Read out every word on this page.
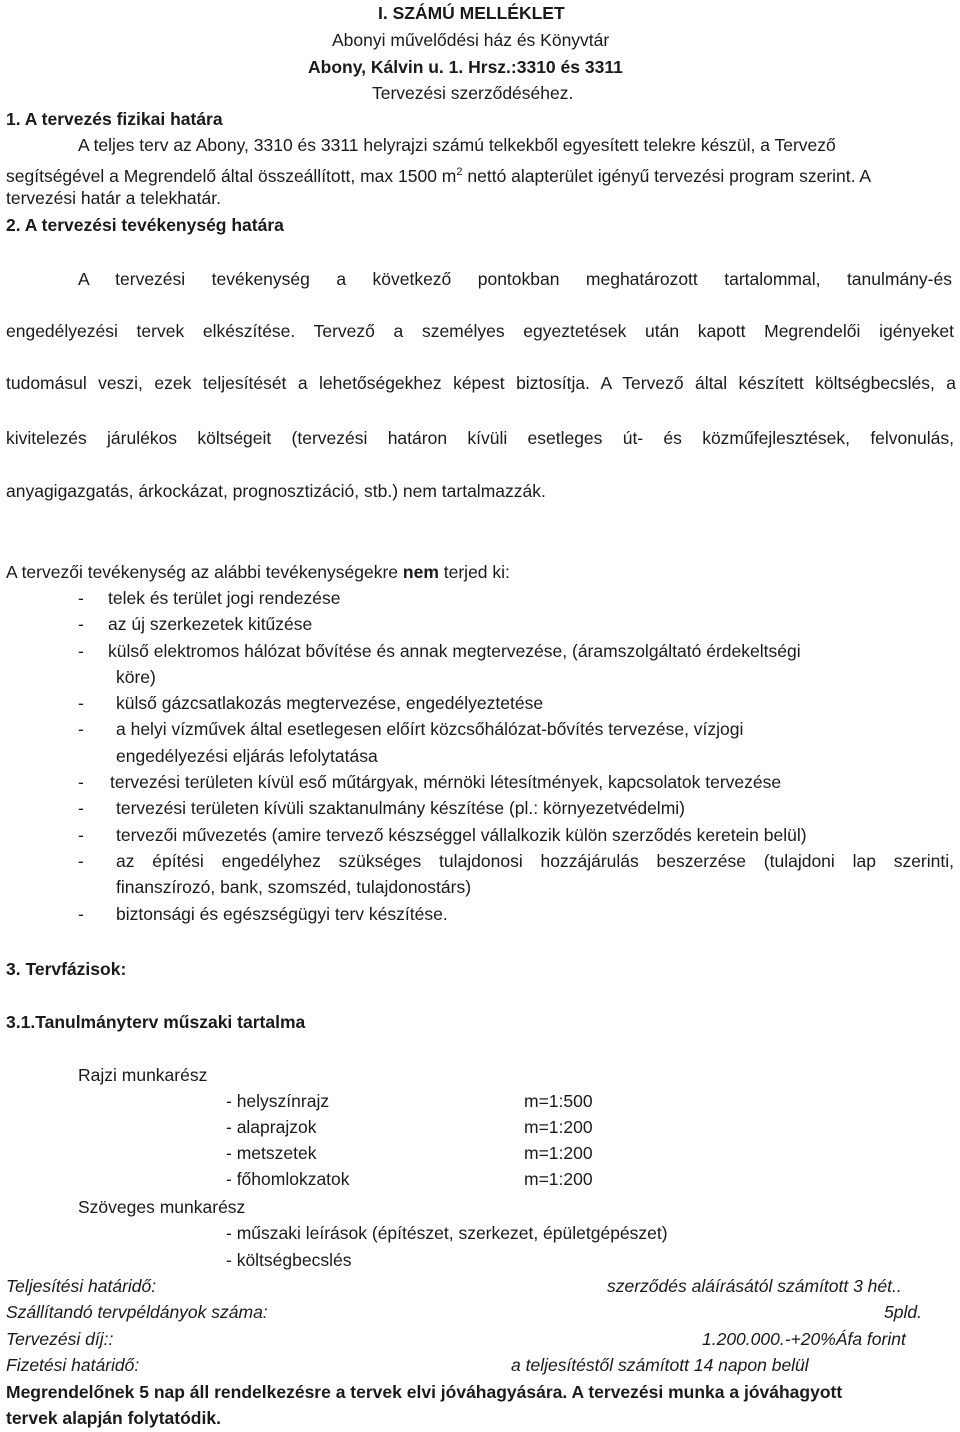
I. SZÁMÚ MELLÉKLET
Abonyi művelődési ház és Könyvtár
Abony, Kálvin u. 1. Hrsz.:3310 és 3311
Tervezési szerződéséhez.
1. A tervezés fizikai határa
A teljes terv az Abony, 3310 és 3311 helyrajzi számú telkekből egyesített telekre készül, a Tervező
segítségével a Megrendelő által összeállított, max 1500 $m^2$ nettó alapterület igényű tervezési program szerint. A
tervezési határ a telekhatár.
2. A tervezési tevékenység határa
A tervezési tevékenység a következő pontokban meghatározott tartalommal, tanulmány-és
engedélyezési tervek elkészítése. Tervező a személyes egyeztetések után kapott Megrendelői igényeket
tudomásul veszi, ezek teljesítését a lehetőségekhez képest biztosítja. A Tervező által készített költségbecslés, a
kivitelezés járulékos költségeit (tervezési határon kívüli esetleges út- és közműfejlesztések, felvonulás,
anyagigazgatás, árkockázat, prognosztizáció, stb.) nem tartalmazzák.
A tervezői tevékenység az alábbi tevékenységekre nem terjed ki:
- telek és terület jogi rendezése
- az új szerkezetek kitűzése
- külső elektromos hálózat bővítése és annak megtervezése, (áramszolgáltató érdekeltségi
köre)
- külső gázcsatlakozás megtervezése, engedélyeztetése
- a helyi vízművek által esetlegesen előírt közcsőhálózat-bővítés tervezése, vízjogi
engedélyezési eljárás lefolytatása
- tervezési területen kívül eső műtárgyak, mérnöki létesítmények, kapcsolatok tervezése
- tervezési területen kívüli szaktanulmány készítése (pl.: környezetvédelmi)
- tervezői művezetés (amire tervező készséggel vállalkozik külön szerződés keretein belül)
- az építési engedélyhez szükséges tulajdonosi hozzájárulás beszerzése (tulajdoni lap szerinti,
finanszírozó, bank, szomszéd, tulajdonostárs)
- biztonsági és egészségügyi terv készítése.
3. Tervfázisok:
3.1.Tanulmányterv műszaki tartalma
Rajzi munkarész
- helyszínrajz	m=1:500
- alaprajzok	m=1:200
- metszetek	m=1:200
- főhomlokzatok	m=1:200
Szöveges munkarész
- műszaki leírások (építészet, szerkezet, épületgépészet)
- költségbecslés
Teljesítési határidő:	szerződés aláírásától számított 3 hét..
Szállítandó tervpéldányok száma:	5pld.
Tervezési díj::	1.200.000.-+20%Áfa forint
Fizetési határidő:	a teljesítéstől számított 14 napon belül
Megrendelőnek 5 nap áll rendelkezésre a tervek elvi jóváhagyására. A tervezési munka a jóváhagyott
tervek alapján folytatódik.
